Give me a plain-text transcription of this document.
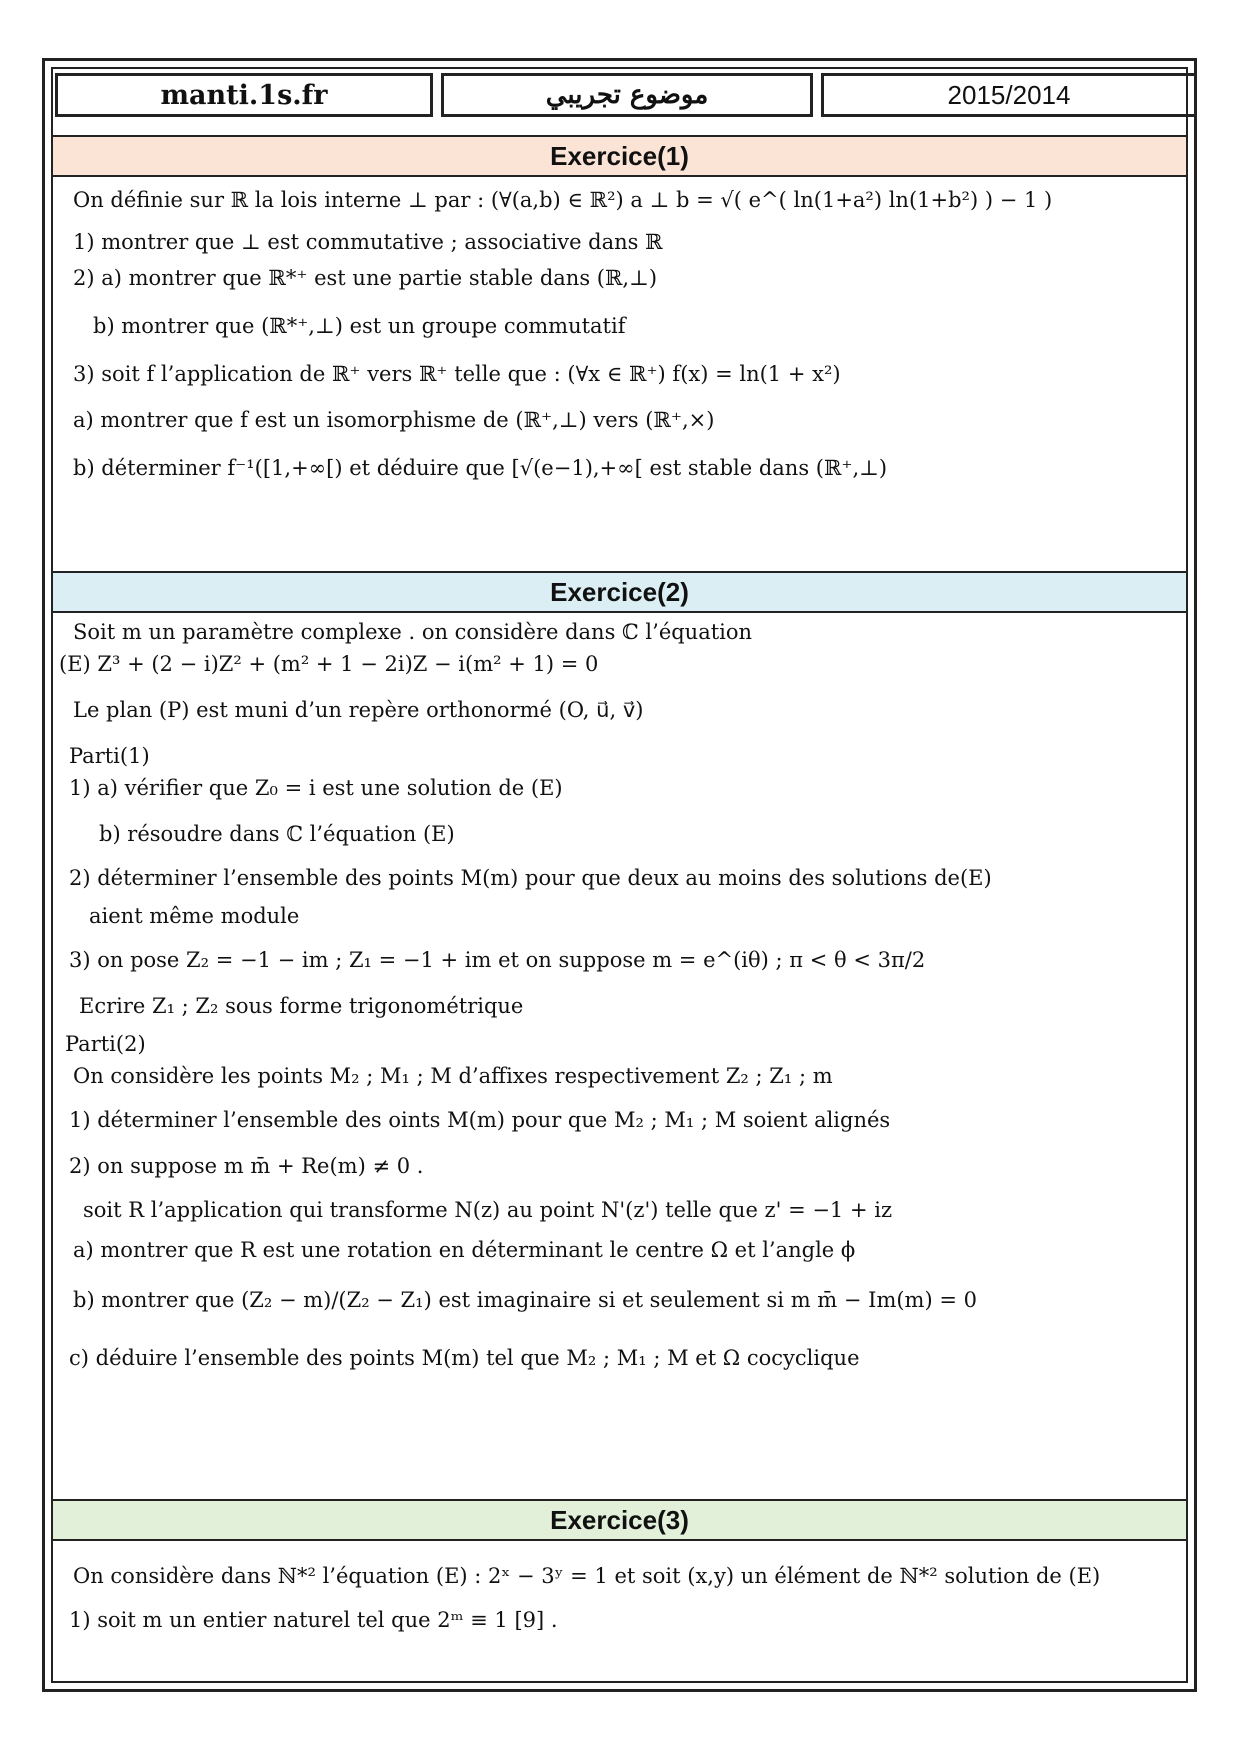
manti.1s.fr	موضوع تجريبي	2015/2014
Exercice(1)
On définie sur ℝ la lois interne ⊥ par : (∀(a,b) ∈ ℝ²) a ⊥ b = √( e^( ln(1+a²) ln(1+b²) ) − 1 )
1) montrer que ⊥ est commutative ; associative dans ℝ
2) a) montrer que ℝ*⁺ est une partie stable dans (ℝ,⊥)
b) montrer que (ℝ*⁺,⊥) est un groupe commutatif
3) soit f l’application de ℝ⁺ vers ℝ⁺ telle que : (∀x ∈ ℝ⁺) f(x) = ln(1 + x²)
a) montrer que f est un isomorphisme de (ℝ⁺,⊥) vers (ℝ⁺,×)
b) déterminer f⁻¹([1,+∞[) et déduire que [√(e−1),+∞[ est stable dans (ℝ⁺,⊥)
Exercice(2)
Soit m un paramètre complexe . on considère dans ℂ l’équation
(E) Z³ + (2 − i)Z² + (m² + 1 − 2i)Z − i(m² + 1) = 0
Le plan (P) est muni d’un repère orthonormé (O, u⃗, v⃗)
Parti(1)
1) a) vérifier que Z₀ = i est une solution de (E)
b) résoudre dans ℂ l’équation (E)
2) déterminer l’ensemble des points M(m) pour que deux au moins des solutions de(E)
aient même module
3) on pose Z₂ = −1 − im ; Z₁ = −1 + im et on suppose m = e^(iθ) ; π < θ < 3π/2
Ecrire Z₁ ; Z₂ sous forme trigonométrique
Parti(2)
On considère les points M₂ ; M₁ ; M d’affixes respectivement Z₂ ; Z₁ ; m
1) déterminer l’ensemble des oints M(m) pour que M₂ ; M₁ ; M soient alignés
2) on suppose m m̄ + Re(m) ≠ 0 .
soit R l’application qui transforme N(z) au point N'(z') telle que z' = −1 + iz
a) montrer que R est une rotation en déterminant le centre Ω et l’angle ϕ
b) montrer que (Z₂ − m)/(Z₂ − Z₁) est imaginaire si et seulement si m m̄ − Im(m) = 0
c) déduire l’ensemble des points M(m) tel que M₂ ; M₁ ; M et Ω cocyclique
Exercice(3)
On considère dans ℕ*² l’équation (E) : 2ˣ − 3ʸ = 1 et soit (x,y) un élément de ℕ*² solution de (E)
1) soit m un entier naturel tel que 2ᵐ ≡ 1 [9] .
